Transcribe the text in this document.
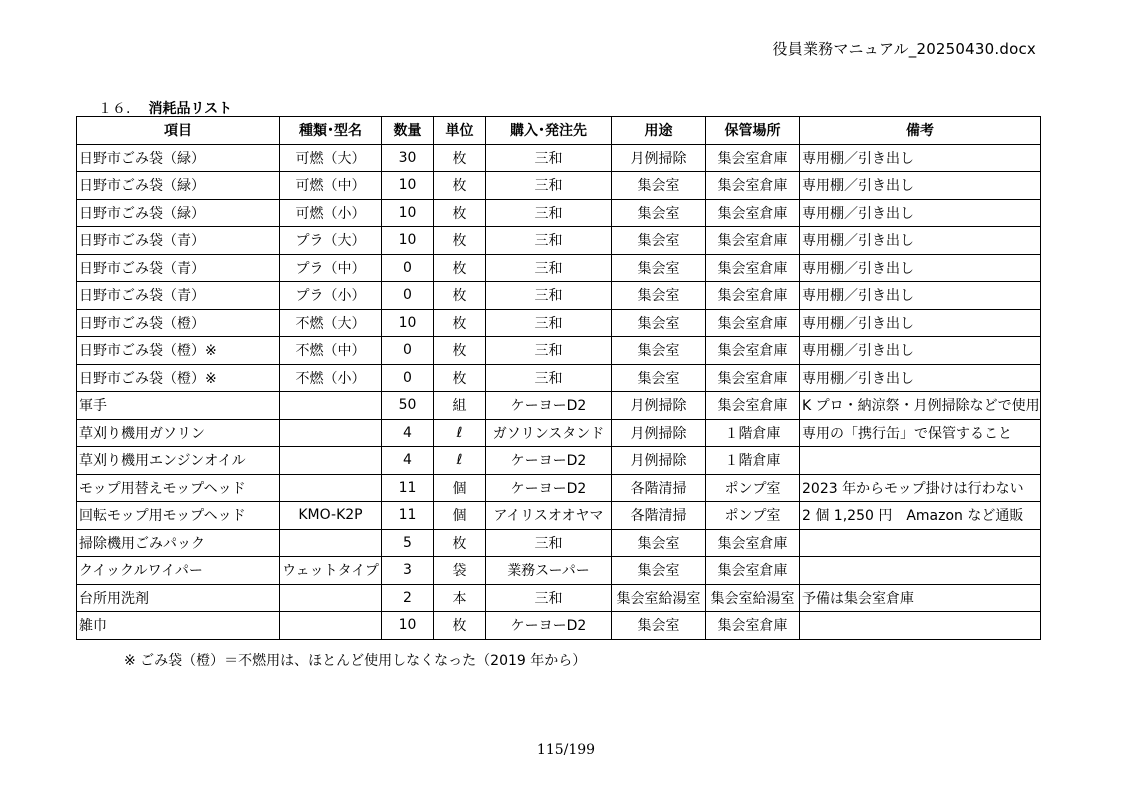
役員業務マニュアル_20250430.docx
１６. 消耗品リスト
項目	種類･型名	数量	単位	購入･発注先	用途	保管場所	備考
日野市ごみ袋（緑）	可燃（大）	30	枚	三和	月例掃除	集会室倉庫	専用棚／引き出し
日野市ごみ袋（緑）	可燃（中）	10	枚	三和	集会室	集会室倉庫	専用棚／引き出し
日野市ごみ袋（緑）	可燃（小）	10	枚	三和	集会室	集会室倉庫	専用棚／引き出し
日野市ごみ袋（青）	プラ（大）	10	枚	三和	集会室	集会室倉庫	専用棚／引き出し
日野市ごみ袋（青）	プラ（中）	0	枚	三和	集会室	集会室倉庫	専用棚／引き出し
日野市ごみ袋（青）	プラ（小）	0	枚	三和	集会室	集会室倉庫	専用棚／引き出し
日野市ごみ袋（橙）	不燃（大）	10	枚	三和	集会室	集会室倉庫	専用棚／引き出し
日野市ごみ袋（橙）※	不燃（中）	0	枚	三和	集会室	集会室倉庫	専用棚／引き出し
日野市ごみ袋（橙）※	不燃（小）	0	枚	三和	集会室	集会室倉庫	専用棚／引き出し
軍手		50	組	ケーヨーD2	月例掃除	集会室倉庫	K プロ・納涼祭・月例掃除などで使用
草刈り機用ガソリン		4	ℓ	ガソリンスタンド	月例掃除	１階倉庫	専用の「携行缶」で保管すること
草刈り機用エンジンオイル		4	ℓ	ケーヨーD2	月例掃除	１階倉庫	
モップ用替えモップヘッド		11	個	ケーヨーD2	各階清掃	ポンプ室	2023 年からモップ掛けは行わない
回転モップ用モップヘッド	KMO-K2P	11	個	アイリスオオヤマ	各階清掃	ポンプ室	2 個 1,250 円　Amazon など通販
掃除機用ごみパック		5	枚	三和	集会室	集会室倉庫	
クイックルワイパー	ウェットタイプ	3	袋	業務スーパー	集会室	集会室倉庫	
台所用洗剤		2	本	三和	集会室給湯室	集会室給湯室	予備は集会室倉庫
雑巾		10	枚	ケーヨーD2	集会室	集会室倉庫	
※ ごみ袋（橙）＝不燃用は、ほとんど使用しなくなった（2019 年から）
115/199
